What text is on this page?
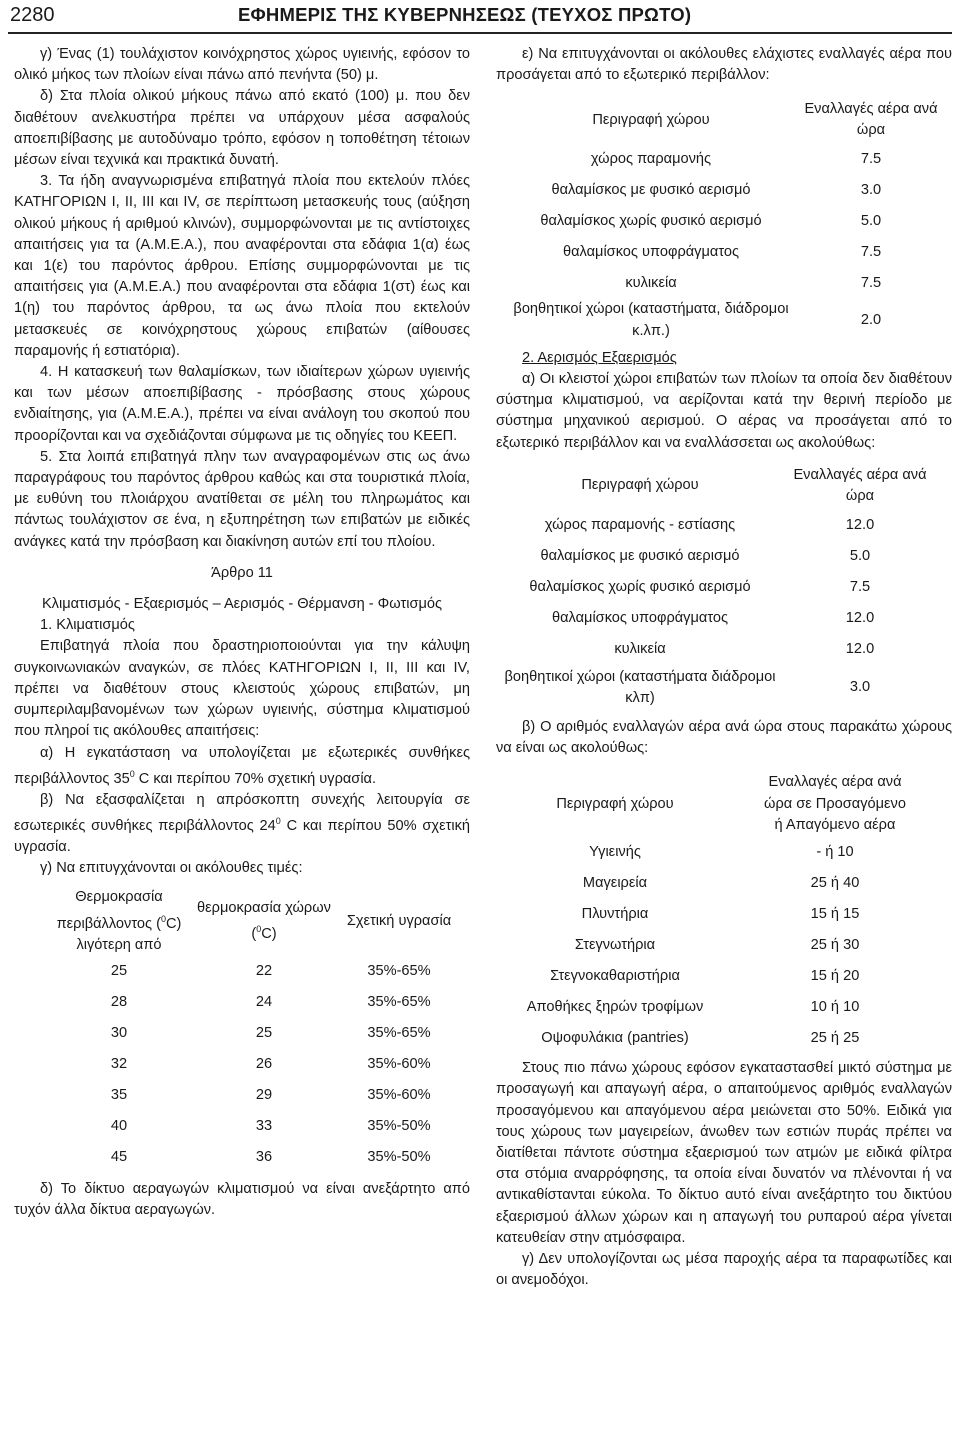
2280	ΕΦΗΜΕΡΙΣ ΤΗΣ ΚΥΒΕΡΝΗΣΕΩΣ (ΤΕΥΧΟΣ ΠΡΩΤΟ)

γ) Ένας (1) τουλάχιστον κοινόχρηστος χώρος υγιεινής, εφόσον το ολικό μήκος των πλοίων είναι πάνω από πενήντα (50) μ.

δ) Στα πλοία ολικού μήκους πάνω από εκατό (100) μ. που δεν διαθέτουν ανελκυστήρα πρέπει να υπάρχουν μέσα ασφαλούς αποεπιβίβασης με αυτοδύναμο τρόπο, εφόσον η τοποθέτηση τέτοιων μέσων είναι τεχνικά και πρακτικά δυνατή.

3. Τα ήδη αναγνωρισμένα επιβατηγά πλοία που εκτελούν πλόες ΚΑΤΗΓΟΡΙΩΝ Ι, ΙΙ, ΙΙΙ και ΙV, σε περίπτωση μετασκευής τους (αύξηση ολικού μήκους ή αριθμού κλινών), συμμορφώνονται με τις αντίστοιχες απαιτήσεις για τα (Α.Μ.Ε.Α.), που αναφέρονται στα εδάφια 1(α) έως και 1(ε) του παρόντος άρθρου. Επίσης συμμορφώνονται με τις απαιτήσεις για (Α.Μ.Ε.Α.) που αναφέρονται στα εδάφια 1(στ) έως και 1(η) του παρόντος άρθρου, τα ως άνω πλοία που εκτελούν μετασκευές σε κοινόχρηστους χώρους επιβατών (αίθουσες παραμονής ή εστιατόρια).

4. Η κατασκευή των θαλαμίσκων, των ιδιαίτερων χώρων υγιεινής και των μέσων αποεπιβίβασης - πρόσβασης στους χώρους ενδιαίτησης, για (Α.Μ.Ε.Α.), πρέπει να είναι ανάλογη του σκοπού που προορίζονται και να σχεδιάζονται σύμφωνα με τις οδηγίες του ΚΕΕΠ.

5. Στα λοιπά επιβατηγά πλην των αναγραφομένων στις ως άνω παραγράφους του παρόντος άρθρου καθώς και στα τουριστικά πλοία, με ευθύνη του πλοιάρχου ανατίθεται σε μέλη του πληρωμάτος και πάντως τουλάχιστον σε ένα, η εξυπηρέτηση των επιβατών με ειδικές ανάγκες κατά την πρόσβαση και διακίνηση αυτών επί του πλοίου.

Άρθρο 11

Κλιματισμός - Εξαερισμός – Αερισμός - Θέρμανση - Φωτισμός

1. Κλιματισμός

Επιβατηγά πλοία που δραστηριοποιούνται για την κάλυψη συγκοινωνιακών αναγκών, σε πλόες ΚΑΤΗΓΟΡΙΩΝ Ι, ΙΙ, ΙΙΙ και ΙV, πρέπει να διαθέτουν στους κλειστούς χώρους επιβατών, μη συμπεριλαμβανομένων των χώρων υγιεινής, σύστημα κλιματισμού που πληροί τις ακόλουθες απαιτήσεις:

α) Η εγκατάσταση να υπολογίζεται με εξωτερικές συνθήκες περιβάλλοντος $35^0$ C και περίπου 70% σχετική υγρασία.

β) Να εξασφαλίζεται η απρόσκοπτη συνεχής λειτουργία σε εσωτερικές συνθήκες περιβάλλοντος $24^0$ C και περίπου 50% σχετική υγρασία.

γ) Να επιτυγχάνονται οι ακόλουθες τιμές:

Θερμοκρασία περιβάλλοντος ($^0$C) λιγότερη από	θερμοκρασία χώρων ($^0$C)	Σχετική υγρασία
25	22	35%-65%
28	24	35%-65%
30	25	35%-65%
32	26	35%-60%
35	29	35%-60%
40	33	35%-50%
45	36	35%-50%

δ) Το δίκτυο αεραγωγών κλιματισμού να είναι ανεξάρτητο από τυχόν άλλα δίκτυα αεραγωγών.

ε) Να επιτυγχάνονται οι ακόλουθες ελάχιστες εναλλαγές αέρα που προσάγεται από το εξωτερικό περιβάλλον:

Περιγραφή χώρου	Εναλλαγές αέρα ανά ώρα
χώρος παραμονής	7.5
θαλαμίσκος με φυσικό αερισμό	3.0
θαλαμίσκος χωρίς φυσικό αερισμό	5.0
θαλαμίσκος υποφράγματος	7.5
κυλικεία	7.5
βοηθητικοί χώροι (καταστήματα, διάδρομοι κ.λπ.)	2.0

2. Αερισμός Εξαερισμός

α) Οι κλειστοί χώροι επιβατών των πλοίων τα οποία δεν διαθέτουν σύστημα κλιματισμού, να αερίζονται κατά την θερινή περίοδο με σύστημα μηχανικού αερισμού. Ο αέρας να προσάγεται από το εξωτερικό περιβάλλον και να εναλλάσσεται ως ακολούθως:

Περιγραφή χώρου	Εναλλαγές αέρα ανά ώρα
χώρος παραμονής - εστίασης	12.0
θαλαμίσκος με φυσικό αερισμό	5.0
θαλαμίσκος χωρίς φυσικό αερισμό	7.5
θαλαμίσκος υποφράγματος	12.0
κυλικεία	12.0
βοηθητικοί χώροι (καταστήματα διάδρομοι κλπ)	3.0

β) Ο αριθμός εναλλαγών αέρα ανά ώρα στους παρακάτω χώρους να είναι ως ακολούθως:

Περιγραφή χώρου	Εναλλαγές αέρα ανά ώρα σε Προσαγόμενο ή Απαγόμενο αέρα
Υγιεινής	- ή 10
Μαγειρεία	25 ή 40
Πλυντήρια	15 ή 15
Στεγνωτήρια	25 ή 30
Στεγνοκαθαριστήρια	15 ή 20
Αποθήκες ξηρών τροφίμων	10 ή 10
Οψοφυλάκια (pantries)	25 ή 25

Στους πιο πάνω χώρους εφόσον εγκαταστασθεί μικτό σύστημα με προσαγωγή και απαγωγή αέρα, ο απαιτούμενος αριθμός εναλλαγών προσαγόμενου και απαγόμενου αέρα μειώνεται στο 50%. Ειδικά για τους χώρους των μαγειρείων, άνωθεν των εστιών πυράς πρέπει να διατίθεται πάντοτε σύστημα εξαερισμού των ατμών με ειδικά φίλτρα στα στόμια αναρρόφησης, τα οποία είναι δυνατόν να πλένονται ή να αντικαθίστανται εύκολα. Το δίκτυο αυτό είναι ανεξάρτητο του δικτύου εξαερισμού άλλων χώρων και η απαγωγή του ρυπαρού αέρα γίνεται κατευθείαν στην ατμόσφαιρα.

γ) Δεν υπολογίζονται ως μέσα παροχής αέρα τα παραφωτίδες και οι ανεμοδόχοι.
